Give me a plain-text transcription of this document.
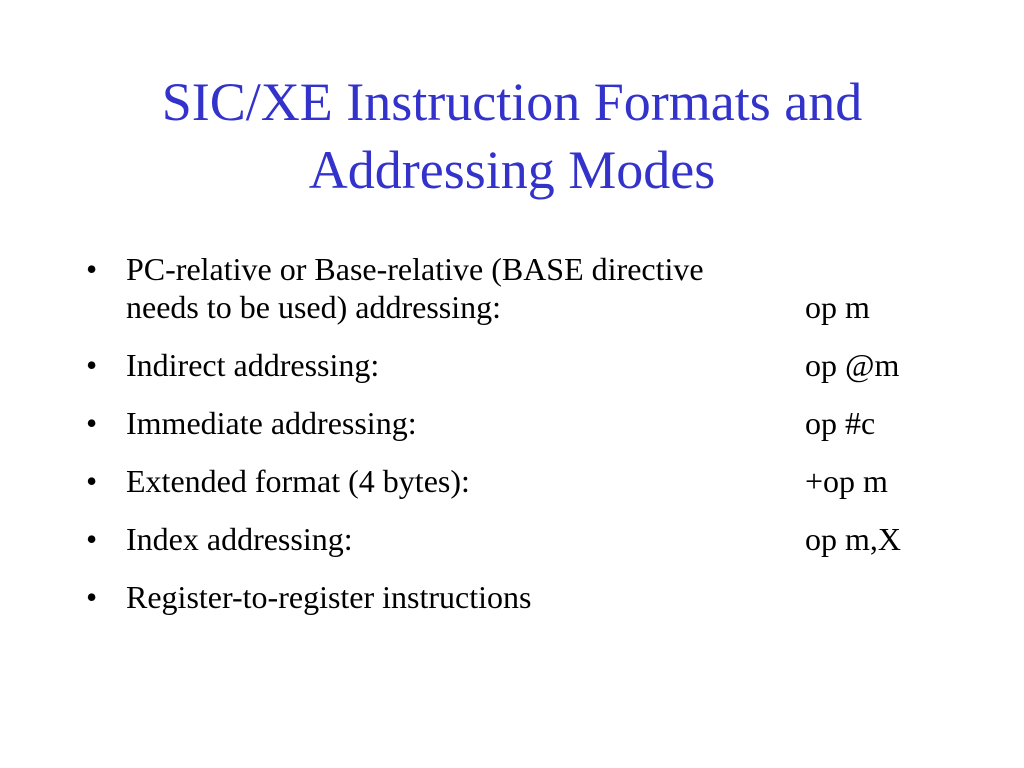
SIC/XE Instruction Formats and
Addressing Modes
• PC-relative or Base-relative (BASE directive
needs to be used) addressing:	op m
• Indirect addressing:	op @m
• Immediate addressing:	op #c
• Extended format (4 bytes):	+op m
• Index addressing:	op m,X
• Register-to-register instructions
